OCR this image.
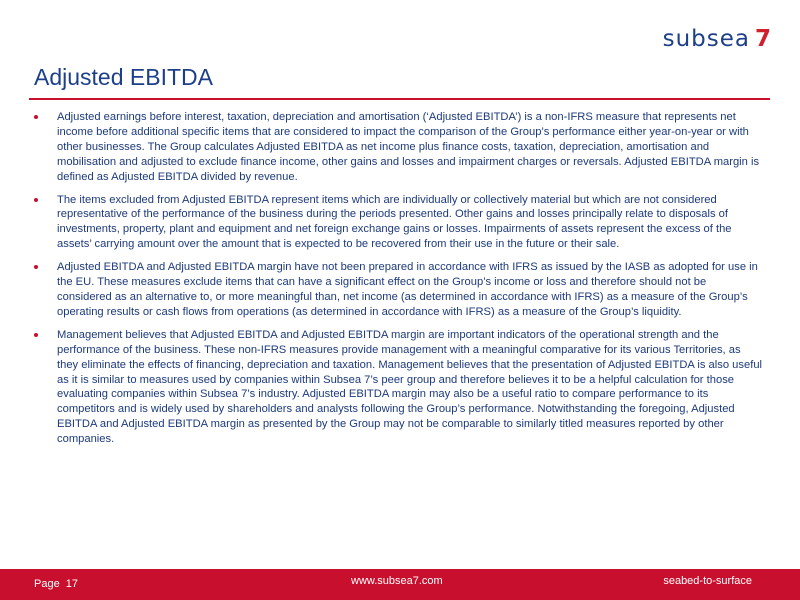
subsea 7
Adjusted EBITDA
Adjusted earnings before interest, taxation, depreciation and amortisation (‘Adjusted EBITDA’) is a non-IFRS measure that represents net income before additional specific items that are considered to impact the comparison of the Group’s performance either year-on-year or with other businesses. The Group calculates Adjusted EBITDA as net income plus finance costs, taxation, depreciation, amortisation and mobilisation and adjusted to exclude finance income, other gains and losses and impairment charges or reversals. Adjusted EBITDA margin is defined as Adjusted EBITDA divided by revenue.
The items excluded from Adjusted EBITDA represent items which are individually or collectively material but which are not considered representative of the performance of the business during the periods presented. Other gains and losses principally relate to disposals of investments, property, plant and equipment and net foreign exchange gains or losses. Impairments of assets represent the excess of the assets’ carrying amount over the amount that is expected to be recovered from their use in the future or their sale.
Adjusted EBITDA and Adjusted EBITDA margin have not been prepared in accordance with IFRS as issued by the IASB as adopted for use in the EU. These measures exclude items that can have a significant effect on the Group’s income or loss and therefore should not be considered as an alternative to, or more meaningful than, net income (as determined in accordance with IFRS) as a measure of the Group’s operating results or cash flows from operations (as determined in accordance with IFRS) as a measure of the Group’s liquidity.
Management believes that Adjusted EBITDA and Adjusted EBITDA margin are important indicators of the operational strength and the performance of the business. These non-IFRS measures provide management with a meaningful comparative for its various Territories, as they eliminate the effects of financing, depreciation and taxation. Management believes that the presentation of Adjusted EBITDA is also useful as it is similar to measures used by companies within Subsea 7’s peer group and therefore believes it to be a helpful calculation for those evaluating companies within Subsea 7’s industry. Adjusted EBITDA margin may also be a useful ratio to compare performance to its competitors and is widely used by shareholders and analysts following the Group’s performance. Notwithstanding the foregoing, Adjusted EBITDA and Adjusted EBITDA margin as presented by the Group may not be comparable to similarly titled measures reported by other companies.
Page 17	www.subsea7.com	seabed-to-surface
